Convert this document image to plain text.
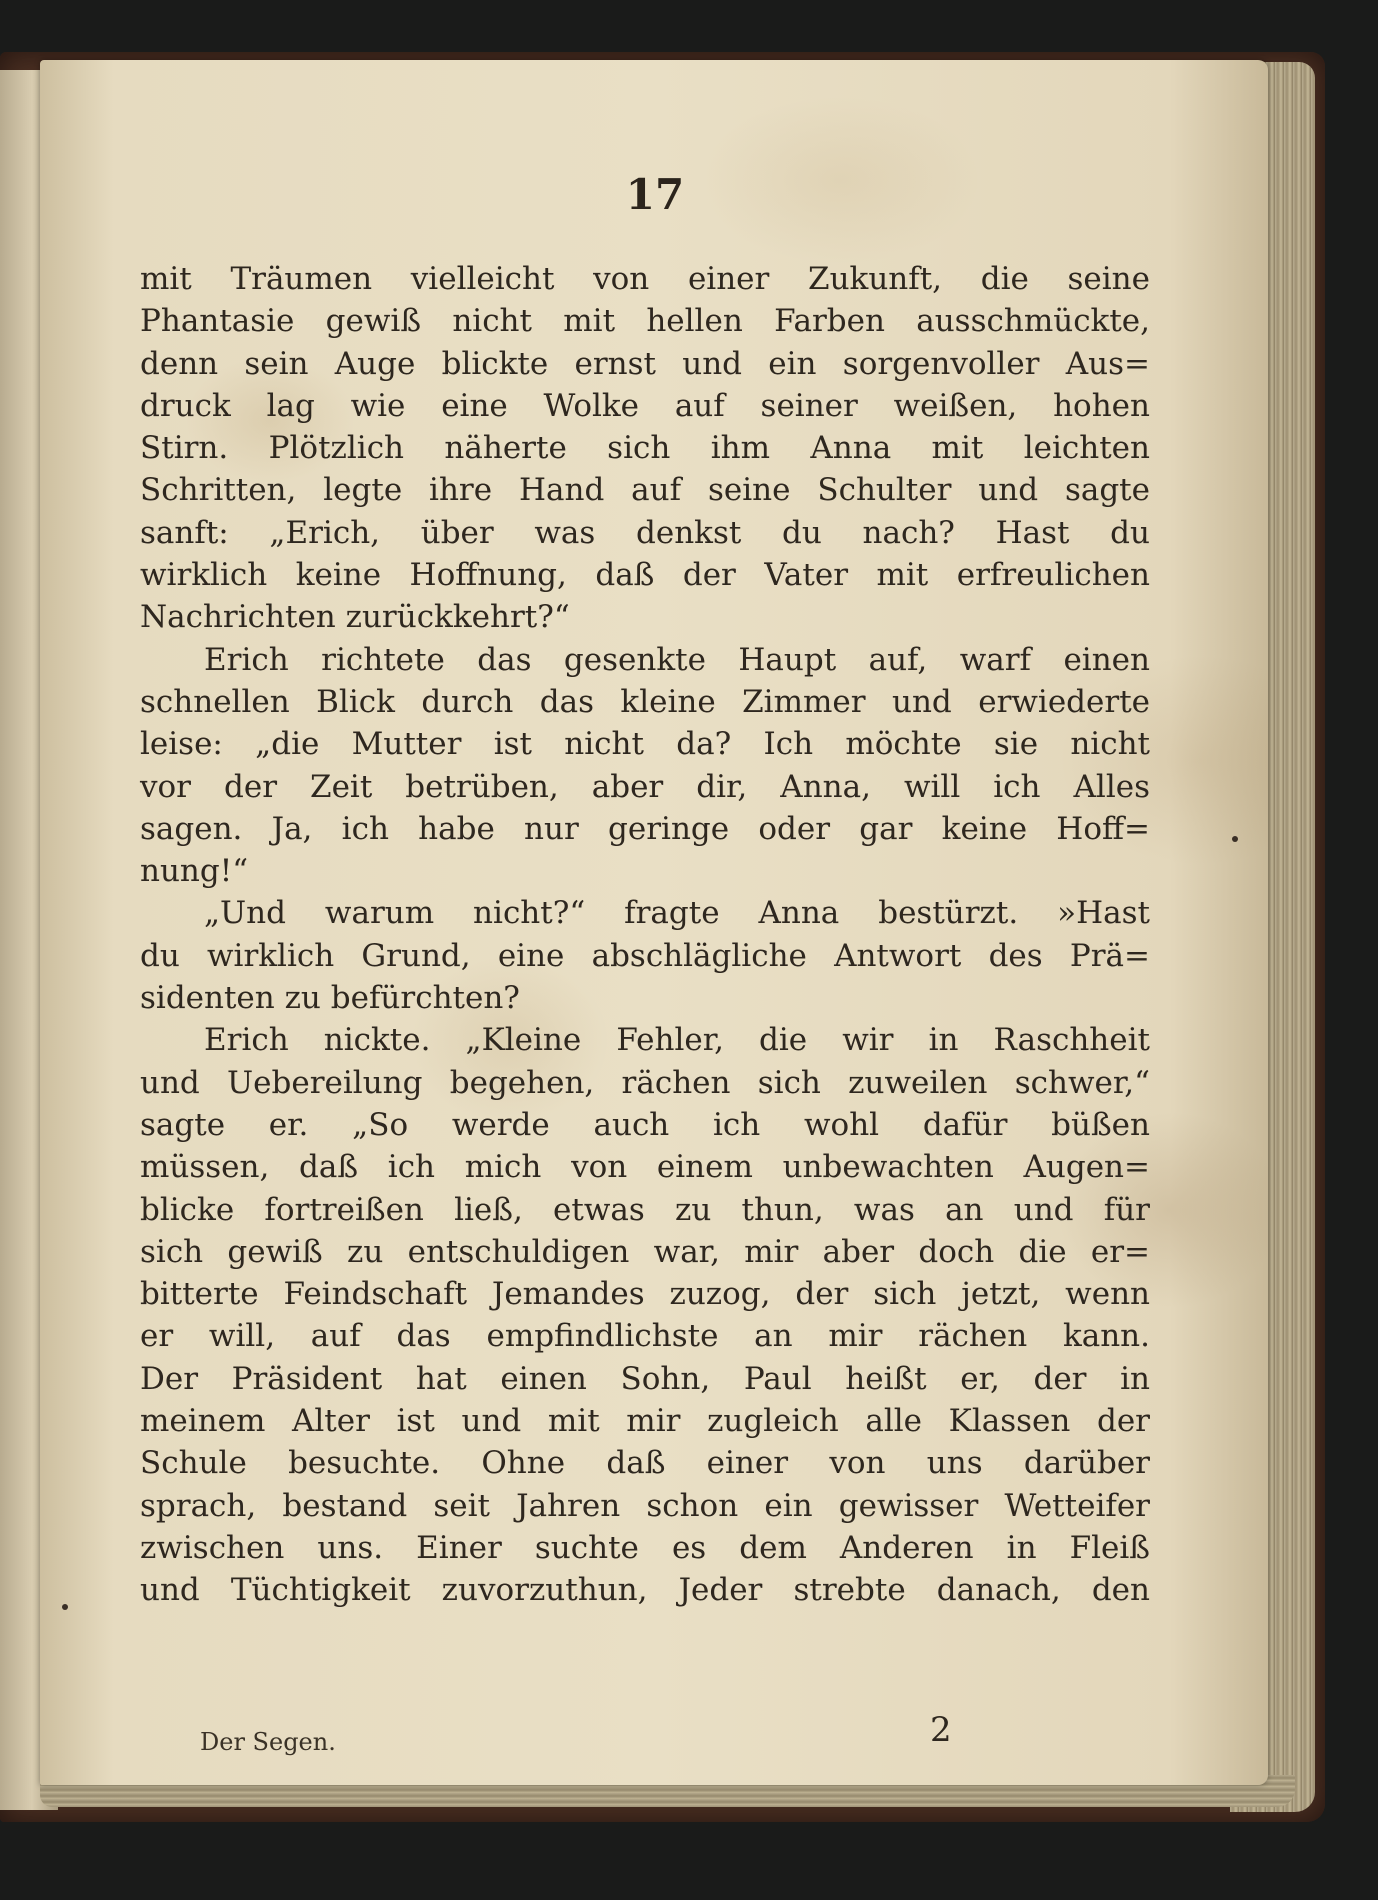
17
mit Träumen vielleicht von einer Zukunft, die seine
Phantasie gewiß nicht mit hellen Farben ausschmückte,
denn sein Auge blickte ernst und ein sorgenvoller Aus=
druck lag wie eine Wolke auf seiner weißen, hohen
Stirn. Plötzlich näherte sich ihm Anna mit leichten
Schritten, legte ihre Hand auf seine Schulter und sagte
sanft: „Erich, über was denkst du nach? Hast du
wirklich keine Hoffnung, daß der Vater mit erfreulichen
Nachrichten zurückkehrt?“
Erich richtete das gesenkte Haupt auf, warf einen
schnellen Blick durch das kleine Zimmer und erwiederte
leise: „die Mutter ist nicht da? Ich möchte sie nicht
vor der Zeit betrüben, aber dir, Anna, will ich Alles
sagen. Ja, ich habe nur geringe oder gar keine Hoff=
nung!“
„Und warum nicht?“ fragte Anna bestürzt. »Hast
du wirklich Grund, eine abschlägliche Antwort des Prä=
sidenten zu befürchten?
Erich nickte. „Kleine Fehler, die wir in Raschheit
und Uebereilung begehen, rächen sich zuweilen schwer,“
sagte er. „So werde auch ich wohl dafür büßen
müssen, daß ich mich von einem unbewachten Augen=
blicke fortreißen ließ, etwas zu thun, was an und für
sich gewiß zu entschuldigen war, mir aber doch die er=
bitterte Feindschaft Jemandes zuzog, der sich jetzt, wenn
er will, auf das empfindlichste an mir rächen kann.
Der Präsident hat einen Sohn, Paul heißt er, der in
meinem Alter ist und mit mir zugleich alle Klassen der
Schule besuchte. Ohne daß einer von uns darüber
sprach, bestand seit Jahren schon ein gewisser Wetteifer
zwischen uns. Einer suchte es dem Anderen in Fleiß
und Tüchtigkeit zuvorzuthun, Jeder strebte danach, den
Der Segen.	2
